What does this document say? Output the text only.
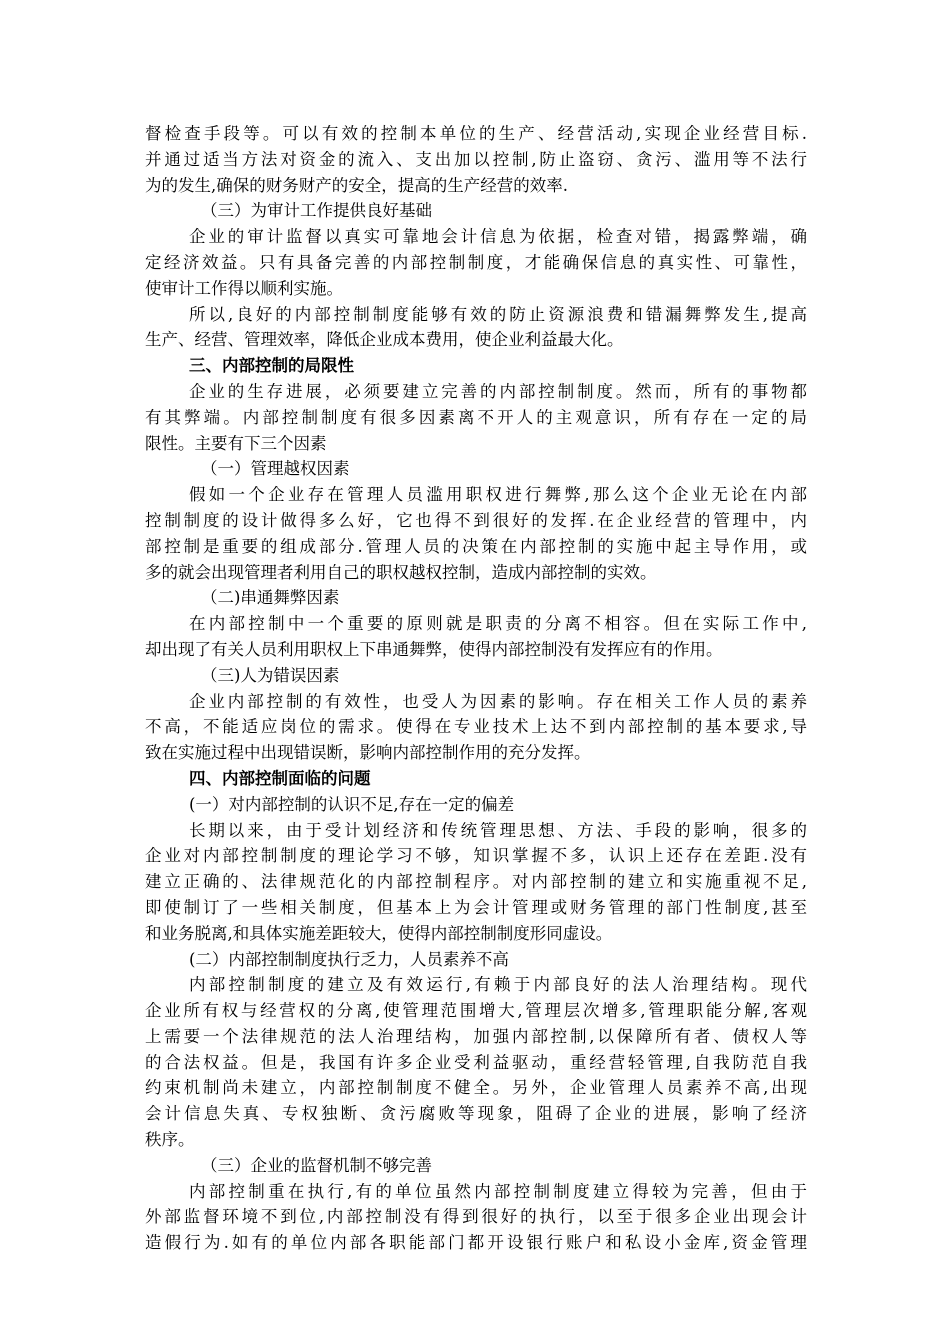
督检查手段等。可以有效的控制本单位的生产、经营活动,实现企业经营目标.
并通过适当方法对资金的流入、支出加以控制,防止盗窃、贪污、滥用等不法行
为的发生,确保的财务财产的安全，提高的生产经营的效率.
（三）为审计工作提供良好基础
企业的审计监督以真实可靠地会计信息为依据，检查对错，揭露弊端，确
定经济效益。只有具备完善的内部控制制度，才能确保信息的真实性、可靠性，
使审计工作得以顺利实施。
所以,良好的内部控制制度能够有效的防止资源浪费和错漏舞弊发生,提高
生产、经营、管理效率，降低企业成本费用，使企业利益最大化。
三、内部控制的局限性
企业的生存进展，必须要建立完善的内部控制制度。然而，所有的事物都
有其弊端。内部控制制度有很多因素离不开人的主观意识，所有存在一定的局
限性。主要有下三个因素
（一）管理越权因素
假如一个企业存在管理人员滥用职权进行舞弊,那么这个企业无论在内部
控制制度的设计做得多么好，它也得不到很好的发挥.在企业经营的管理中，内
部控制是重要的组成部分.管理人员的决策在内部控制的实施中起主导作用，或
多的就会出现管理者利用自己的职权越权控制，造成内部控制的实效。
（二)串通舞弊因素
在内部控制中一个重要的原则就是职责的分离不相容。但在实际工作中,
却出现了有关人员利用职权上下串通舞弊，使得内部控制没有发挥应有的作用。
（三)人为错误因素
企业内部控制的有效性，也受人为因素的影响。存在相关工作人员的素养
不高，不能适应岗位的需求。使得在专业技术上达不到内部控制的基本要求,导
致在实施过程中出现错误断，影响内部控制作用的充分发挥。
四、内部控制面临的问题
(一）对内部控制的认识不足,存在一定的偏差
长期以来，由于受计划经济和传统管理思想、方法、手段的影响，很多的
企业对内部控制制度的理论学习不够，知识掌握不多，认识上还存在差距.没有
建立正确的、法律规范化的内部控制程序。对内部控制的建立和实施重视不足,
即使制订了一些相关制度，但基本上为会计管理或财务管理的部门性制度,甚至
和业务脱离,和具体实施差距较大，使得内部控制制度形同虚设。
(二）内部控制制度执行乏力，人员素养不高
内部控制制度的建立及有效运行,有赖于内部良好的法人治理结构。现代
企业所有权与经营权的分离,使管理范围增大,管理层次增多,管理职能分解,客观
上需要一个法律规范的法人治理结构，加强内部控制,以保障所有者、债权人等
的合法权益。但是，我国有许多企业受利益驱动，重经营轻管理,自我防范自我
约束机制尚未建立，内部控制制度不健全。另外，企业管理人员素养不高,出现
会计信息失真、专权独断、贪污腐败等现象，阻碍了企业的进展，影响了经济
秩序。
（三）企业的监督机制不够完善
内部控制重在执行,有的单位虽然内部控制制度建立得较为完善，但由于
外部监督环境不到位,内部控制没有得到很好的执行，以至于很多企业出现会计
造假行为.如有的单位内部各职能部门都开设银行账户和私设小金库,资金管理
